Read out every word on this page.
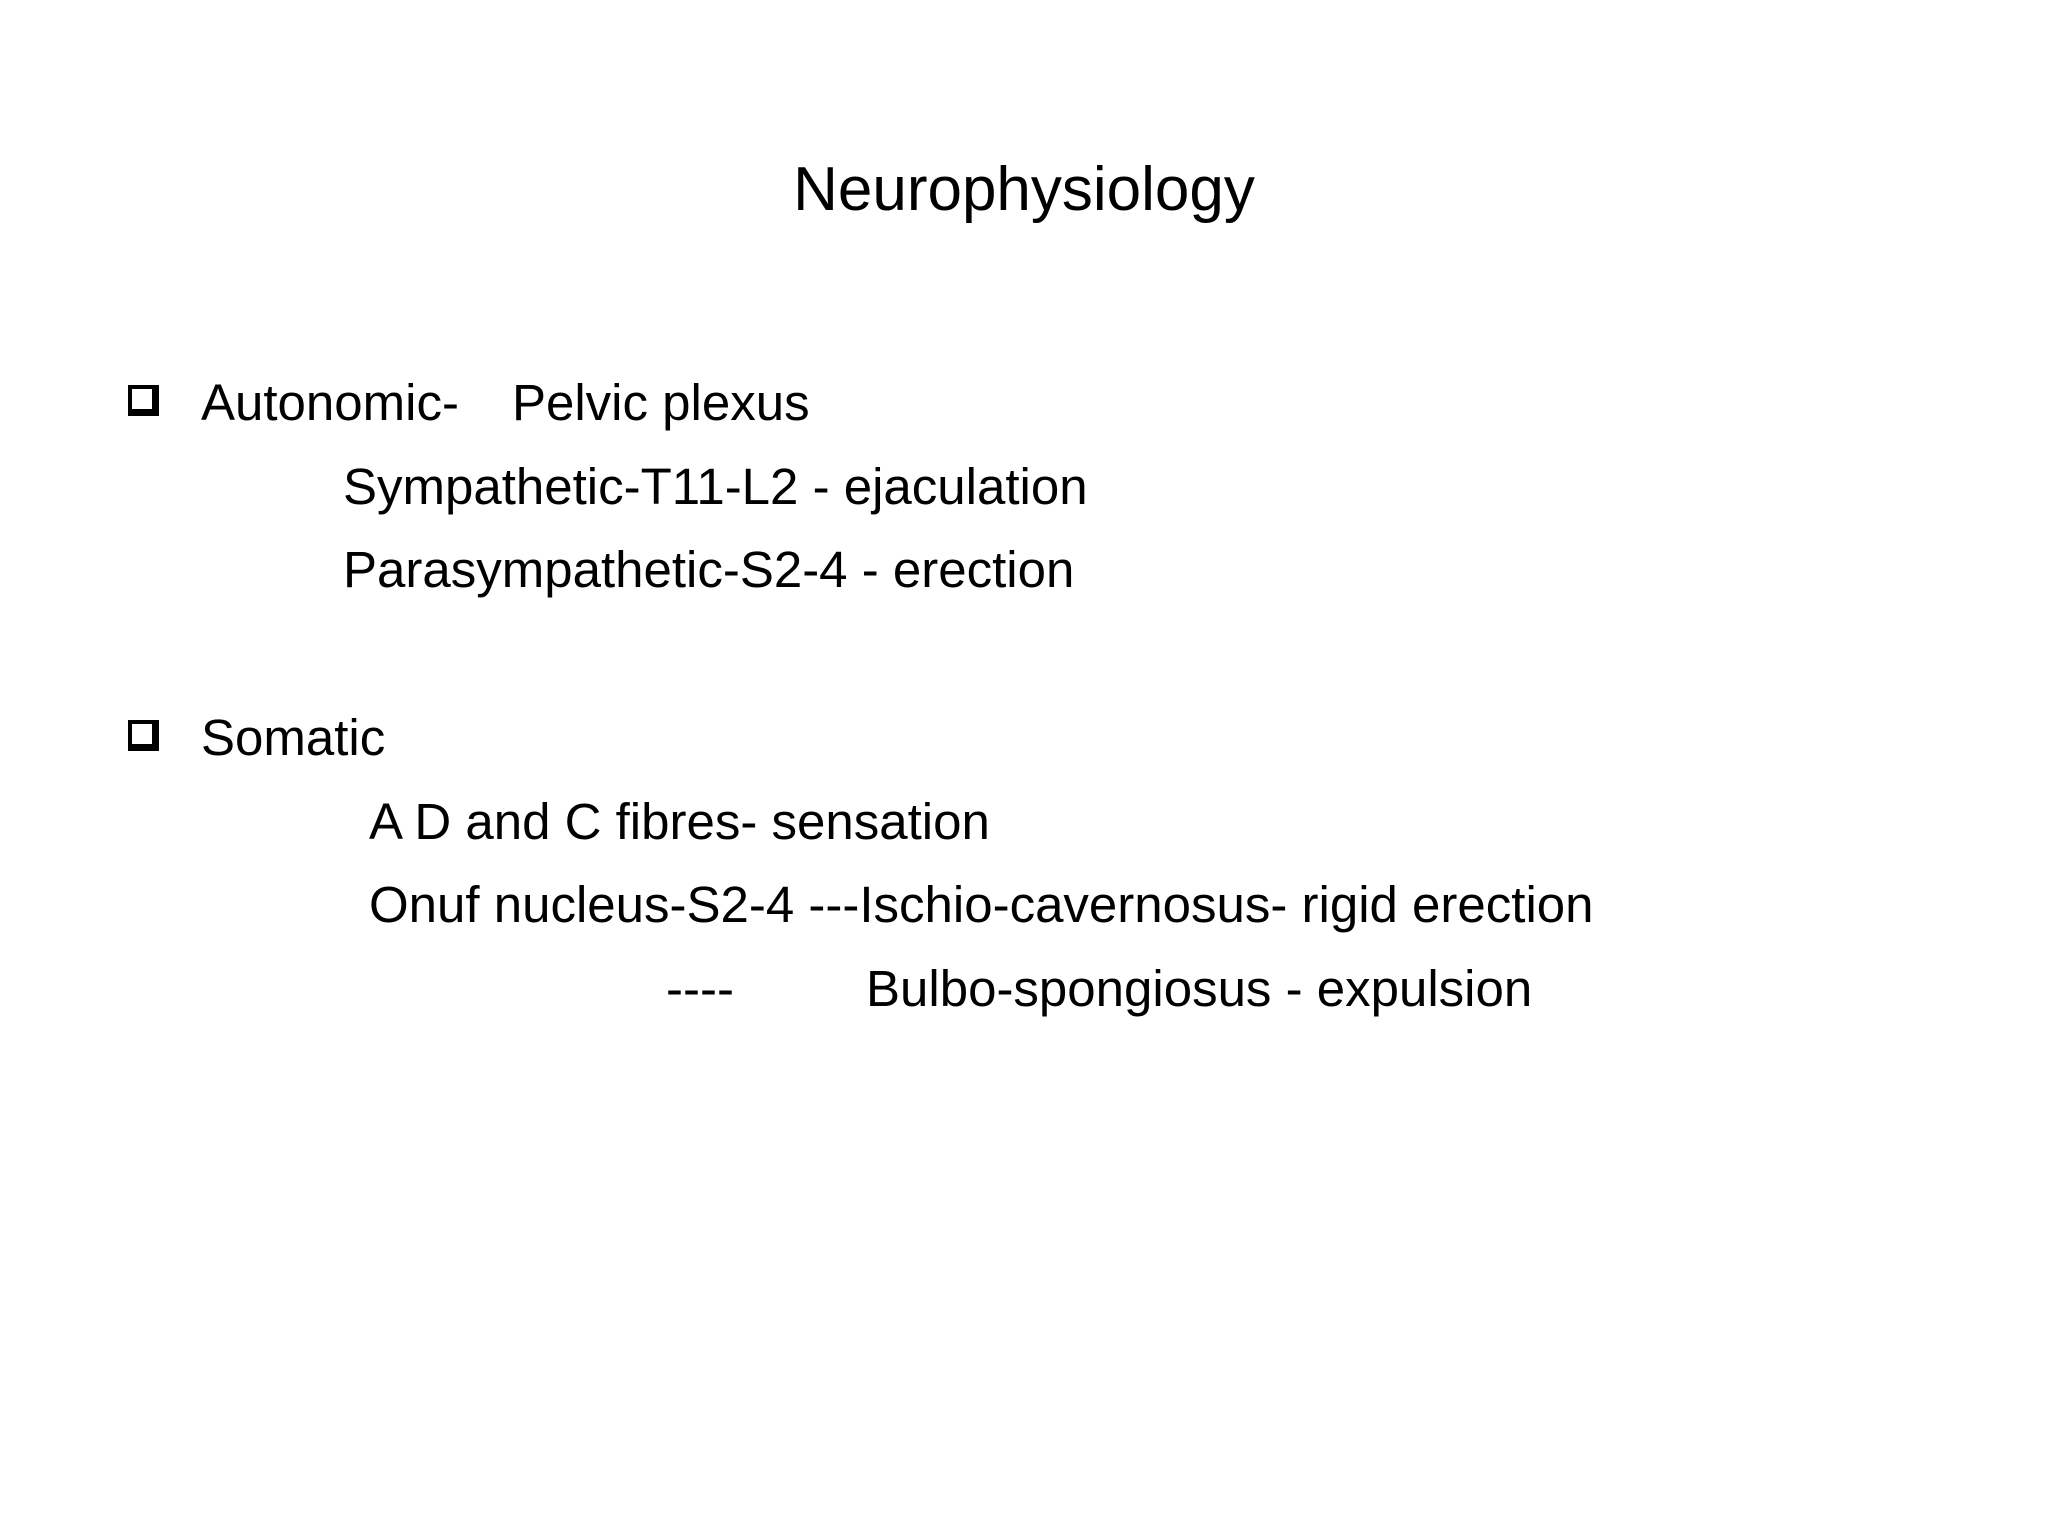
Neurophysiology
Autonomic- Pelvic plexus
Sympathetic-T11-L2 - ejaculation
Parasympathetic-S2-4 - erection
Somatic
A D and C fibres- sensation
Onuf nucleus-S2-4 ---Ischio-cavernosus- rigid erection
----	Bulbo-spongiosus - expulsion
